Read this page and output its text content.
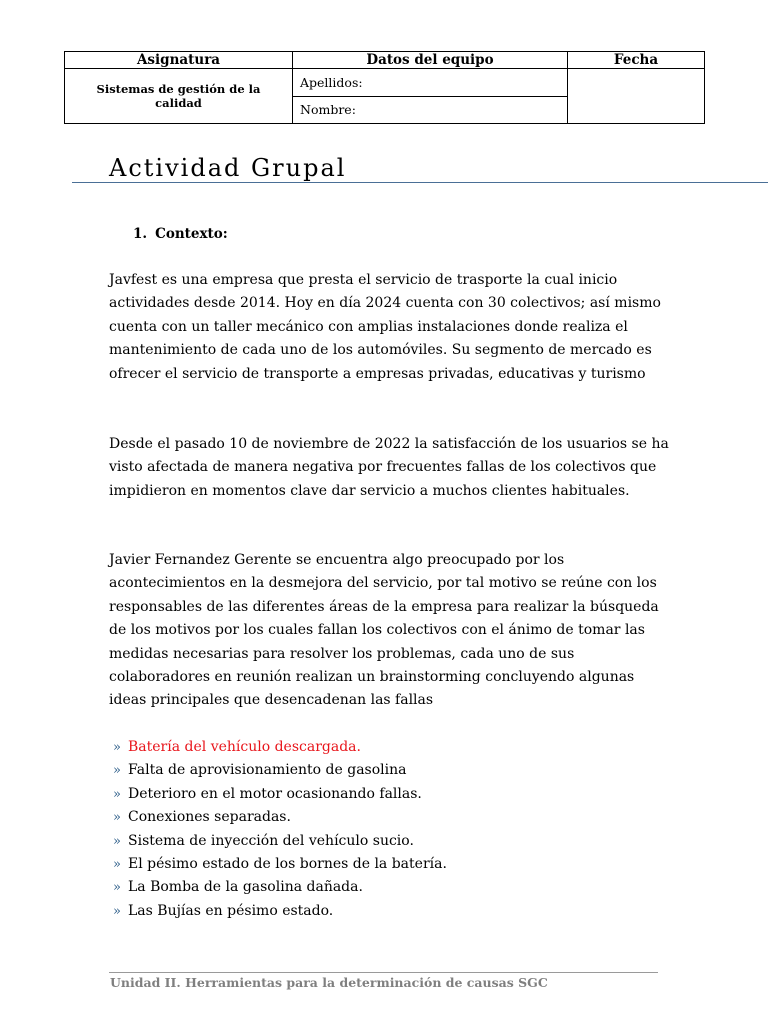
Asignatura	Datos del equipo	Fecha
Sistemas de gestión de la calidad	Apellidos:	
	Nombre:	
Actividad Grupal
1. Contexto:
Javfest es una empresa que presta el servicio de trasporte la cual inicio actividades desde 2014. Hoy en día 2024 cuenta con 30 colectivos; así mismo cuenta con un taller mecánico con amplias instalaciones donde realiza el mantenimiento de cada uno de los automóviles. Su segmento de mercado es ofrecer el servicio de transporte a empresas privadas, educativas y turismo
Desde el pasado 10 de noviembre de 2022 la satisfacción de los usuarios se ha visto afectada de manera negativa por frecuentes fallas de los colectivos que impidieron en momentos clave dar servicio a muchos clientes habituales.
Javier Fernandez Gerente se encuentra algo preocupado por los acontecimientos en la desmejora del servicio, por tal motivo se reúne con los responsables de las diferentes áreas de la empresa para realizar la búsqueda de los motivos por los cuales fallan los colectivos con el ánimo de tomar las medidas necesarias para resolver los problemas, cada uno de sus colaboradores en reunión realizan un brainstorming concluyendo algunas ideas principales que desencadenan las fallas
» Batería del vehículo descargada.
» Falta de aprovisionamiento de gasolina
» Deterioro en el motor ocasionando fallas.
» Conexiones separadas.
» Sistema de inyección del vehículo sucio.
» El pésimo estado de los bornes de la batería.
» La Bomba de la gasolina dañada.
» Las Bujías en pésimo estado.
Unidad II. Herramientas para la determinación de causas SGC
